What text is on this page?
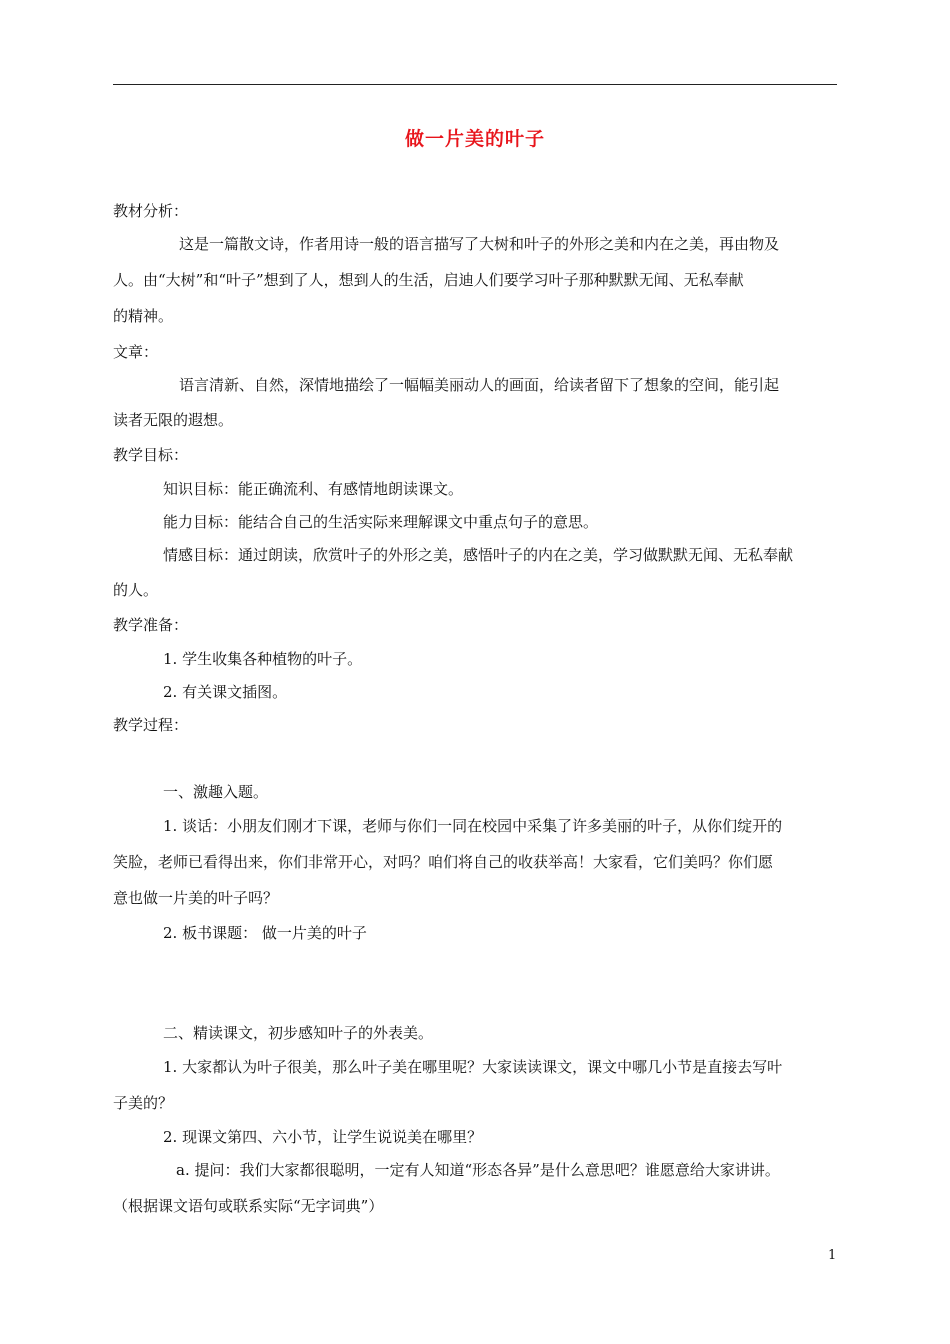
做一片美的叶子
教材分析：
这是一篇散文诗，作者用诗一般的语言描写了大树和叶子的外形之美和内在之美，再由物及
人。由“大树”和“叶子”想到了人，想到人的生活，启迪人们要学习叶子那种默默无闻、无私奉献
的精神。
文章：
语言清新、自然，深情地描绘了一幅幅美丽动人的画面，给读者留下了想象的空间，能引起
读者无限的遐想。
教学目标：
知识目标：能正确流利、有感情地朗读课文。
能力目标：能结合自己的生活实际来理解课文中重点句子的意思。
情感目标：通过朗读，欣赏叶子的外形之美，感悟叶子的内在之美，学习做默默无闻、无私奉献
的人。
教学准备：
1. 学生收集各种植物的叶子。
2. 有关课文插图。
教学过程：
一、激趣入题。
1. 谈话：小朋友们刚才下课，老师与你们一同在校园中采集了许多美丽的叶子，从你们绽开的
笑脸，老师已看得出来，你们非常开心，对吗？咱们将自己的收获举高！大家看，它们美吗？你们愿
意也做一片美的叶子吗？
2. 板书课题： 做一片美的叶子
二、精读课文，初步感知叶子的外表美。
1. 大家都认为叶子很美，那么叶子美在哪里呢？大家读读课文，课文中哪几小节是直接去写叶
子美的？
2. 现课文第四、六小节，让学生说说美在哪里？
a. 提问：我们大家都很聪明，一定有人知道“形态各异”是什么意思吧？谁愿意给大家讲讲。
（根据课文语句或联系实际“无字词典”）
1
